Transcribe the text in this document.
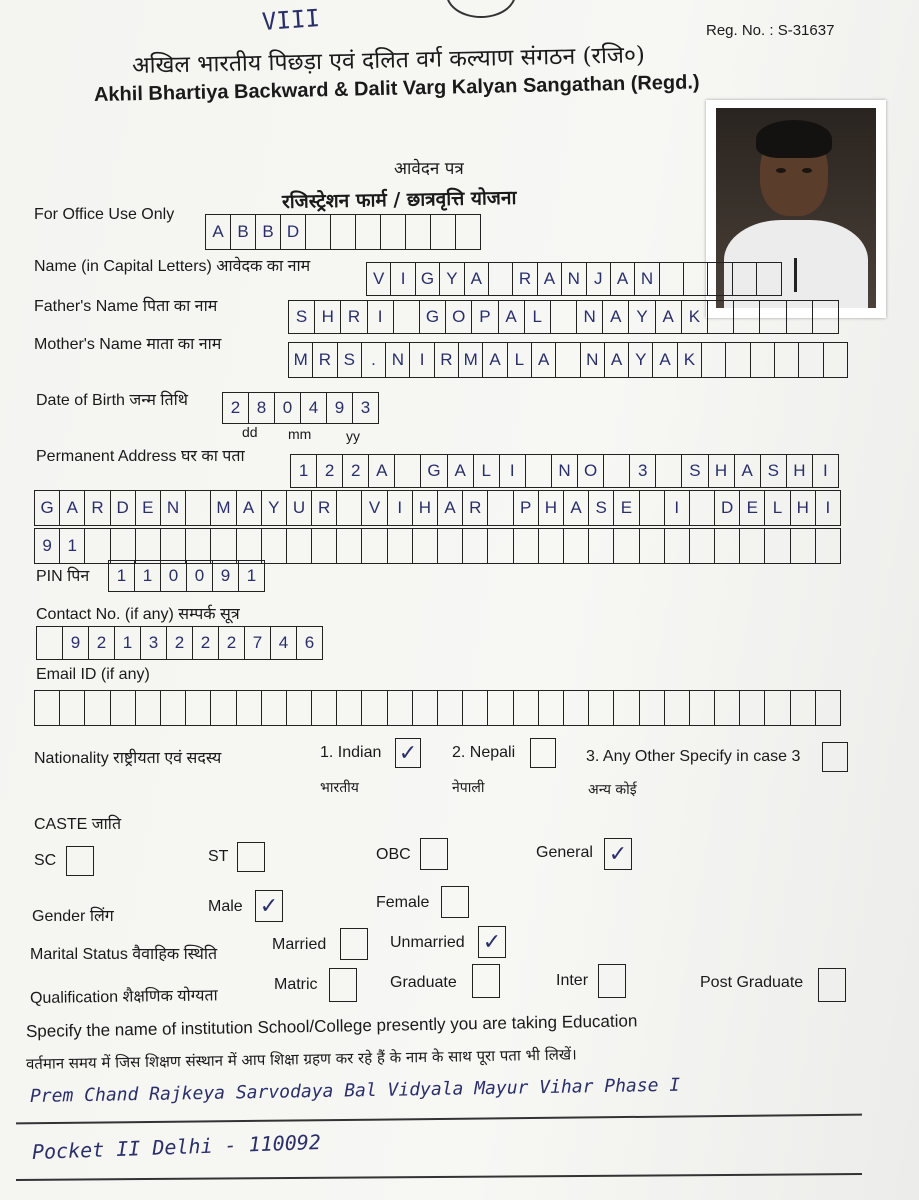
VIII	Reg. No. : S-31637
अखिल भारतीय पिछड़ा एवं दलित वर्ग कल्याण संगठन (रजि०)
Akhil Bhartiya Backward & Dalit Varg Kalyan Sangathan (Regd.)
आवेदन पत्र
रजिस्ट्रेशन फार्म / छात्रवृत्ति योजना
For Office Use Only
A B B D
Name (in Capital Letters) आवेदक का नाम
V I G Y A	R A N J A N
Father's Name पिता का नाम
S H R	I	G O P A L	N A Y A K
Mother's Name माता का नाम
M R S . N I R M A L A	N A Y A K
Date of Birth जन्म तिथि	2 8 0 4 9 3
dd mm yy
Permanent Address घर का पता
1 2 2 A	G A L	I	N O	3	S H A S H	I
G A R D E N	M A Y U R	V	I H A R	P H A S E	I	D E L H I
9 1
PIN पिन	1 1 0 0 9 1
Contact No. (if any) सम्पर्क सूत्र
9 2 1 3 2 2 2 7 4 6
Email ID (if any)
Nationality राष्ट्रीयता एवं सदस्य	1. Indian ✓ 2. Nepali	3. Any Other Specify in case 3
भारतीय	नेपाली	अन्य कोई
CASTE जाति
SC	ST	OBC	General ✓
Gender लिंग
Male ✓	Female
Marital Status वैवाहिक स्थिति
Married	Unmarried ✓
Qualification शैक्षणिक योग्यता
Matric	Graduate	Inter	Post Graduate
Specify the name of institution School/College presently you are taking Education
वर्तमान समय में जिस शिक्षण संस्थान में आप शिक्षा ग्रहण कर रहे हैं के नाम के साथ पूरा पता भी लिखें।
Prem Chand Rajkeya Sarvodaya Bal Vidyala Mayur Vihar Phase I
Pocket II Delhi - 110092
